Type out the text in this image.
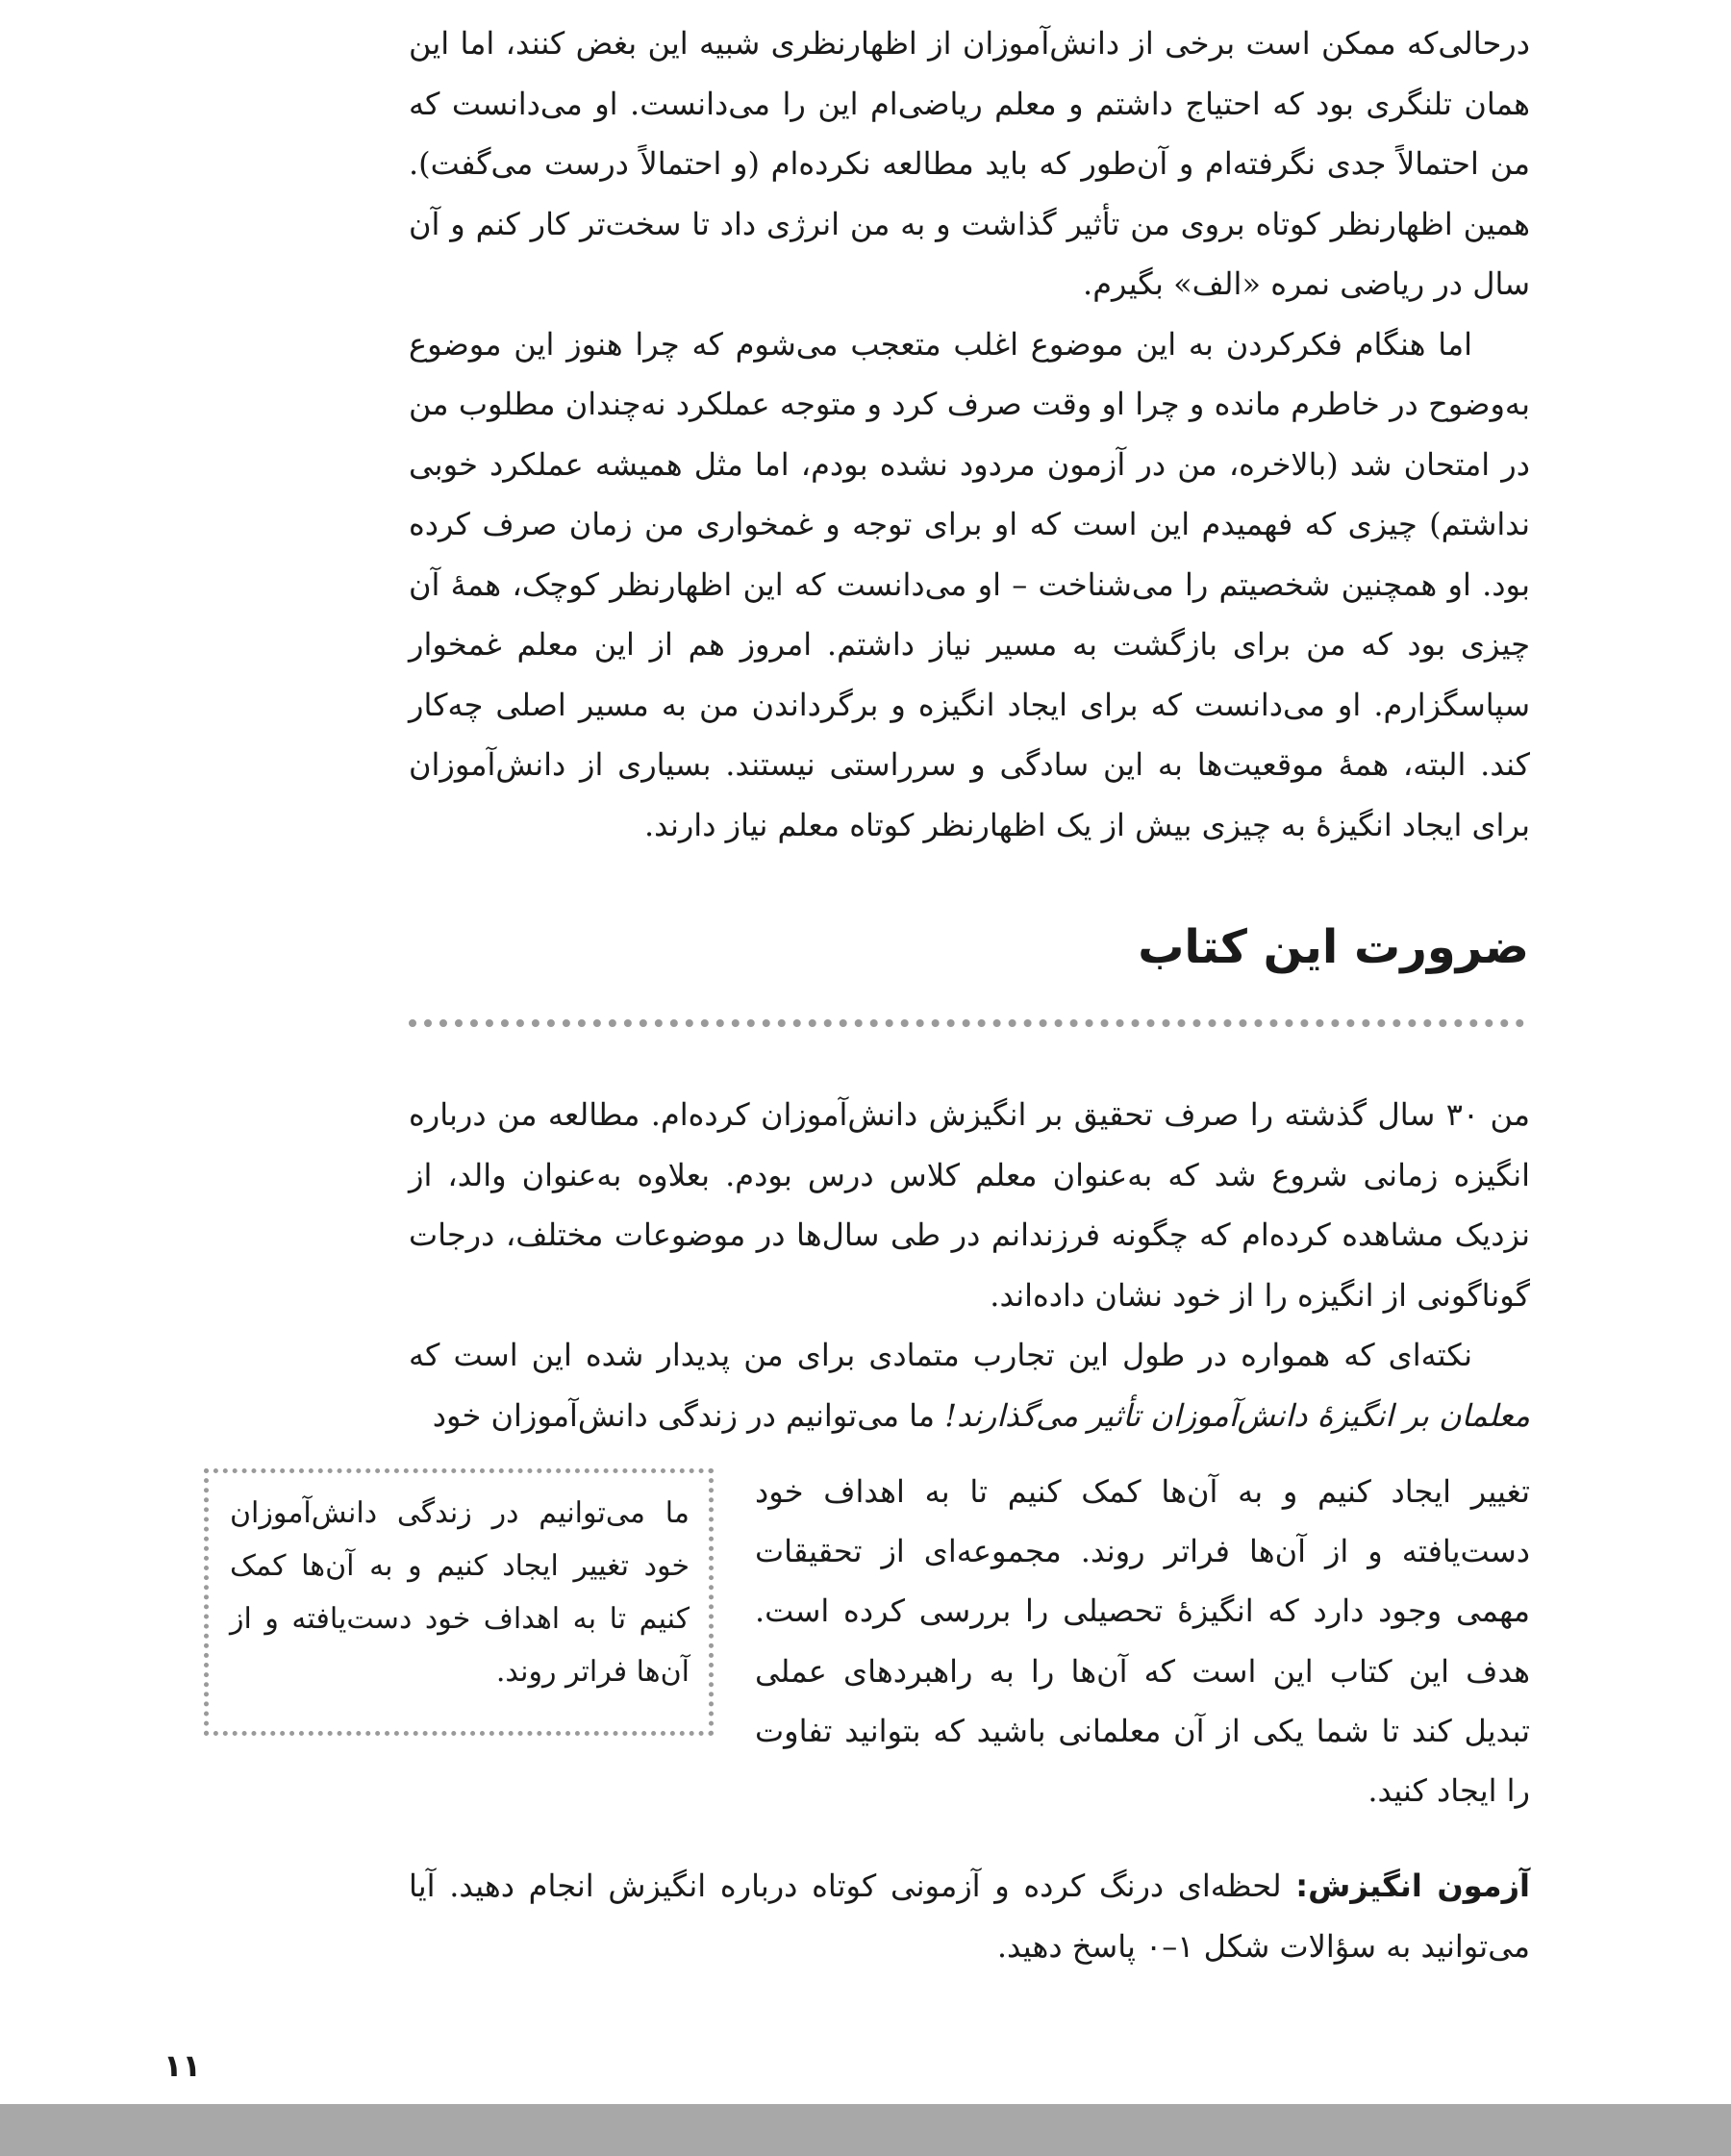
درحالی‌که ممکن است برخی از دانش‌آموزان از اظهارنظری شبیه این بغض کنند، اما این همان تلنگری بود که احتیاج داشتم و معلم ریاضی‌ام این را می‌دانست. او می‌دانست که من احتمالاً جدی نگرفته‌ام و آن‌طور که باید مطالعه نکرده‌ام (و احتمالاً درست می‌گفت). همین اظهارنظر کوتاه بروی من تأثیر گذاشت و به من انرژی داد تا سخت‌تر کار کنم و آن سال در ریاضی نمره «الف» بگیرم.

اما هنگام فکرکردن به این موضوع اغلب متعجب می‌شوم که چرا هنوز این موضوع به‌وضوح در خاطرم مانده و چرا او وقت صرف کرد و متوجه عملکرد نه‌چندان مطلوب من در امتحان شد (بالاخره، من در آزمون مردود نشده بودم، اما مثل همیشه عملکرد خوبی نداشتم) چیزی که فهمیدم این است که او برای توجه و غمخواری من زمان صرف کرده بود. او همچنین شخصیتم را می‌شناخت – او می‌دانست که این اظهارنظر کوچک، همهٔ آن چیزی بود که من برای بازگشت به مسیر نیاز داشتم. امروز هم از این معلم غمخوار سپاسگزارم. او می‌دانست که برای ایجاد انگیزه و برگرداندن من به مسیر اصلی چه‌کار کند. البته، همهٔ موقعیت‌ها به این سادگی و سرراستی نیستند. بسیاری از دانش‌آموزان برای ایجاد انگیزهٔ به چیزی بیش از یک اظهارنظر کوتاه معلم نیاز دارند.

ضرورت این کتاب

من ۳۰ سال گذشته را صرف تحقیق بر انگیزش دانش‌آموزان کرده‌ام. مطالعه من درباره انگیزه زمانی شروع شد که به‌عنوان معلم کلاس درس بودم. بعلاوه به‌عنوان والد، از نزدیک مشاهده کرده‌ام که چگونه فرزندانم در طی سال‌ها در موضوعات مختلف، درجات گوناگونی از انگیزه را از خود نشان داده‌اند.

نکته‌ای که همواره در طول این تجارب متمادی برای من پدیدار شده این است که معلمان بر انگیزهٔ دانش‌آموزان تأثیر می‌گذارند! ما می‌توانیم در زندگی دانش‌آموزان خود

تغییر ایجاد کنیم و به آن‌ها کمک کنیم تا به اهداف خود دست‌یافته و از آن‌ها فراتر روند. مجموعه‌ای از تحقیقات مهمی وجود دارد که انگیزهٔ تحصیلی را بررسی کرده است. هدف این کتاب این است که آن‌ها را به راهبردهای عملی تبدیل کند تا شما یکی از آن معلمانی باشید که بتوانید تفاوت را ایجاد کنید.

ما می‌توانیم در زندگی دانش‌آموزان خود تغییر ایجاد کنیم و به آن‌ها کمک کنیم تا به اهداف خود دست‌یافته و از آن‌ها فراتر روند.

آزمون انگیزش: لحظه‌ای درنگ کرده و آزمونی کوتاه درباره انگیزش انجام دهید. آیا می‌توانید به سؤالات شکل ۱–۰ پاسخ دهید.

۱۱
